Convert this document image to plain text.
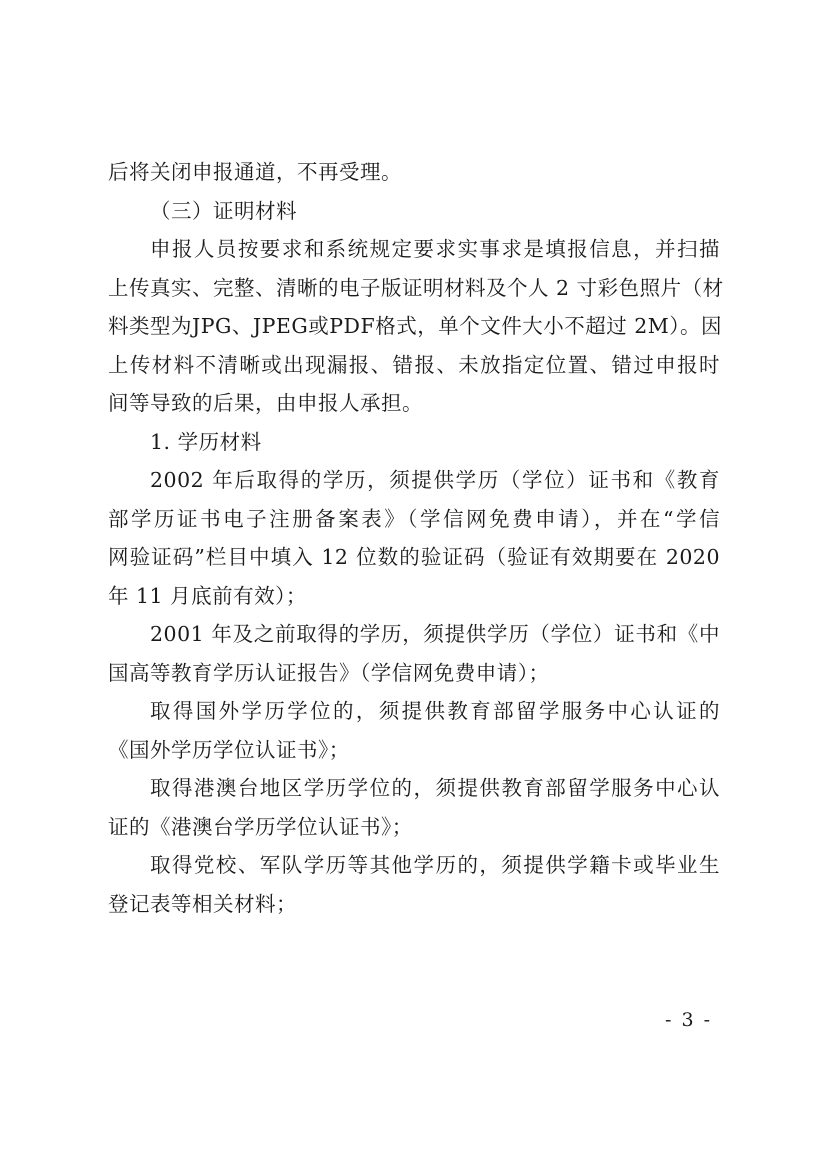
后将关闭申报通道，不再受理。
（三）证明材料
申报人员按要求和系统规定要求实事求是填报信息，并扫描
上传真实、完整、清晰的电子版证明材料及个人 2 寸彩色照片（材
料类型为JPG、JPEG或PDF格式，单个文件大小不超过 2M）。因
上传材料不清晰或出现漏报、错报、未放指定位置、错过申报时
间等导致的后果，由申报人承担。
1. 学历材料
2002 年后取得的学历，须提供学历（学位）证书和《教育
部学历证书电子注册备案表》（学信网免费申请），并在“学信
网验证码”栏目中填入 12 位数的验证码（验证有效期要在 2020
年 11 月底前有效）；
2001 年及之前取得的学历，须提供学历（学位）证书和《中
国高等教育学历认证报告》（学信网免费申请）；
取得国外学历学位的，须提供教育部留学服务中心认证的
《国外学历学位认证书》；
取得港澳台地区学历学位的，须提供教育部留学服务中心认
证的《港澳台学历学位认证书》；
取得党校、军队学历等其他学历的，须提供学籍卡或毕业生
登记表等相关材料；
- 3 -
